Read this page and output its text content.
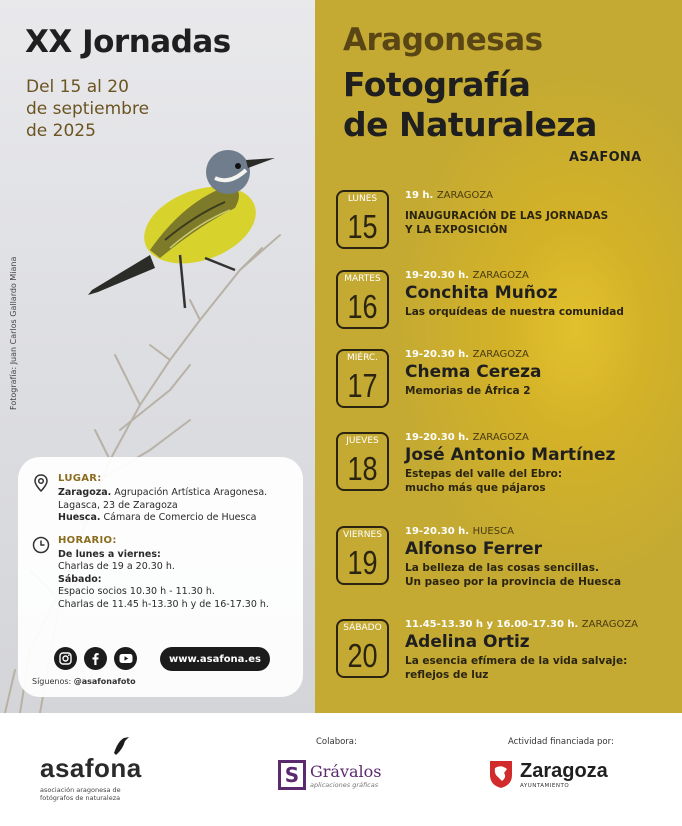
XX Jornadas
Del 15 al 20
de septiembre
de 2025
Fotografía: Juan Carlos Gallardo Miana
LUGAR:
Zaragoza. Agrupación Artística Aragonesa. Lagasca, 23 de Zaragoza
Huesca. Cámara de Comercio de Huesca
HORARIO:
De lunes a viernes:
Charlas de 19 a 20.30 h.
Sábado:
Espacio socios 10.30 h - 11.30 h.
Charlas de 11.45 h-13.30 h y de 16-17.30 h.
www.asafona.es
Síguenos: @asafonafoto
Aragonesas
Fotografía
de Naturaleza
ASAFONA
LUNES
15
19 h. ZARAGOZA
INAUGURACIÓN DE LAS JORNADAS
Y LA EXPOSICIÓN
MARTES
16
19-20.30 h. ZARAGOZA
Conchita Muñoz
Las orquídeas de nuestra comunidad
MIÉRC.
17
19-20.30 h. ZARAGOZA
Chema Cereza
Memorias de África 2
JUEVES
18
19-20.30 h. ZARAGOZA
José Antonio Martínez
Estepas del valle del Ebro:
mucho más que pájaros
VIERNES
19
19-20.30 h. HUESCA
Alfonso Ferrer
La belleza de las cosas sencillas.
Un paseo por la provincia de Huesca
SÁBADO
20
11.45-13.30 h y 16.00-17.30 h. ZARAGOZA
Adelina Ortiz
La esencia efímera de la vida salvaje:
reflejos de luz
asafona
asociación aragonesa de fotógrafos de naturaleza
Colabora:
S Grávalos
aplicaciones gráficas
Actividad financiada por:
Zaragoza
AYUNTAMIENTO
